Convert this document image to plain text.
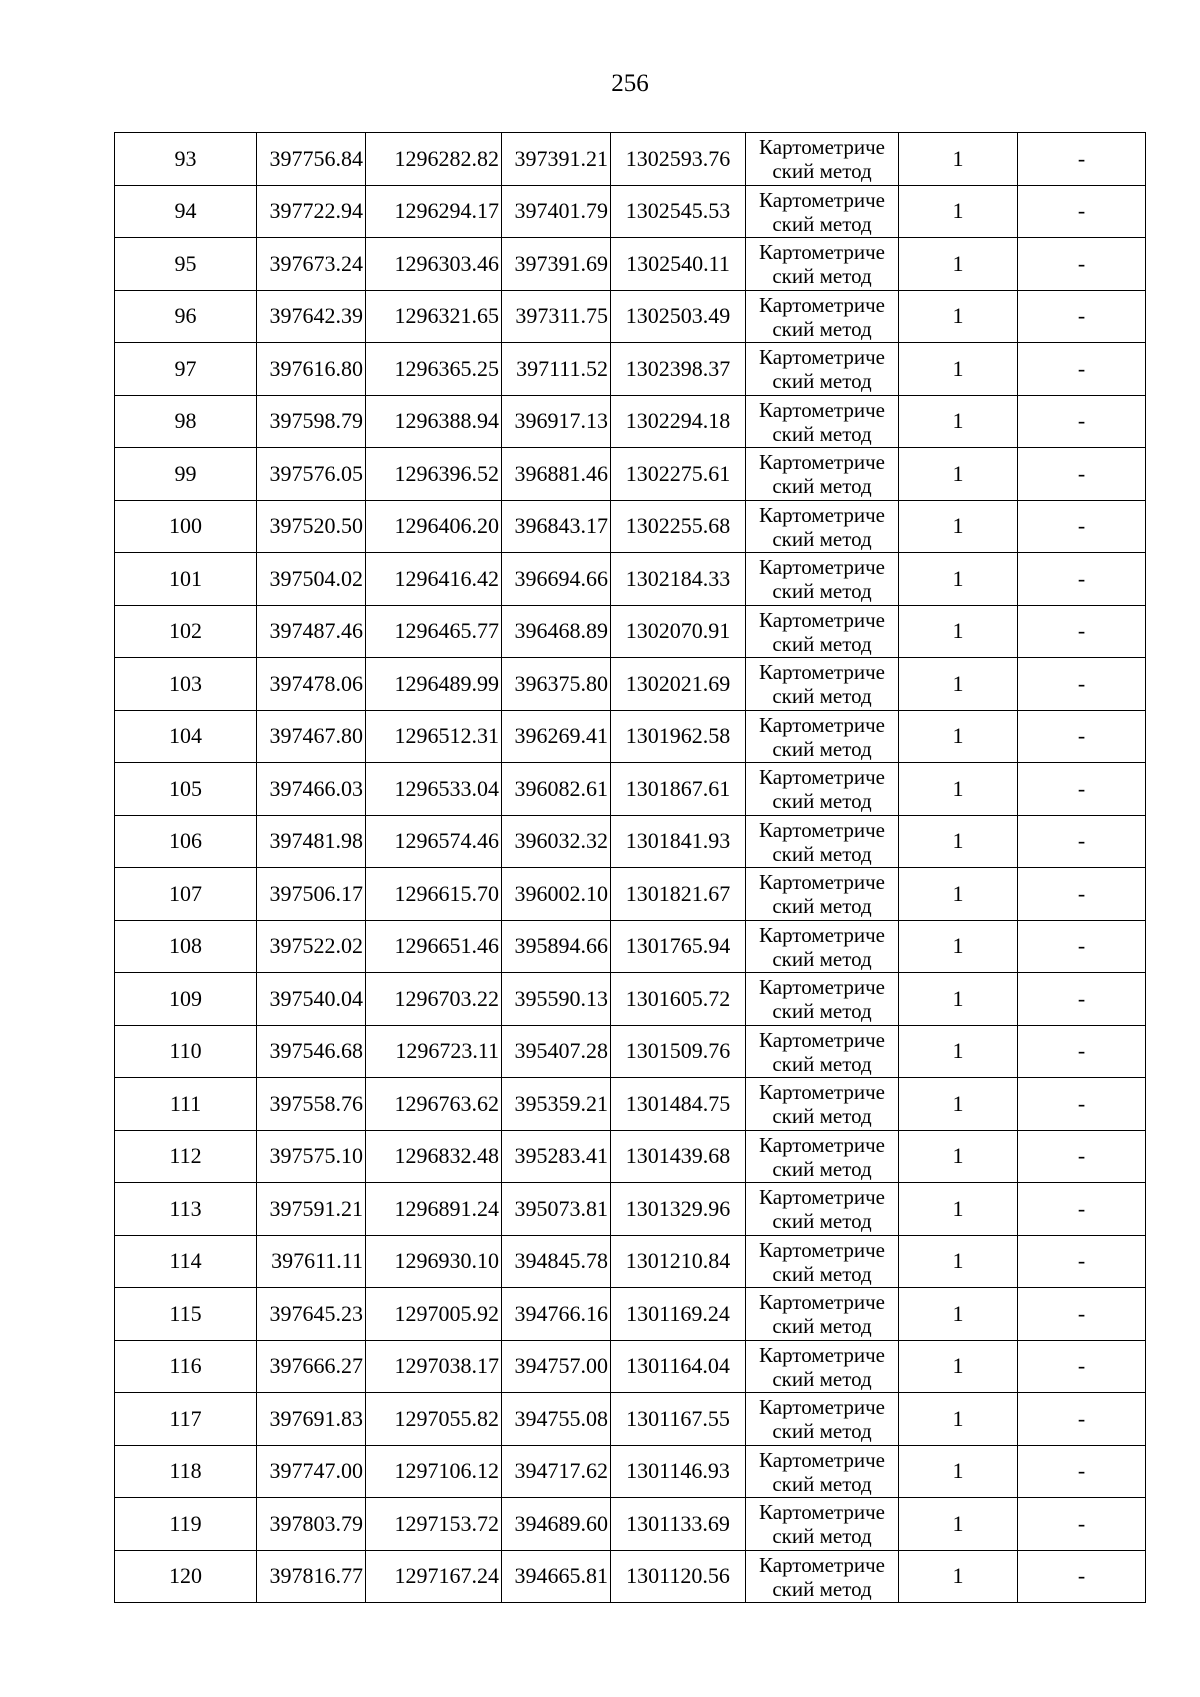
256
93	397756.84	1296282.82	397391.21	1302593.76	Картометриче
ский метод	1	-
94	397722.94	1296294.17	397401.79	1302545.53	Картометриче
ский метод	1	-
95	397673.24	1296303.46	397391.69	1302540.11	Картометриче
ский метод	1	-
96	397642.39	1296321.65	397311.75	1302503.49	Картометриче
ский метод	1	-
97	397616.80	1296365.25	397111.52	1302398.37	Картометриче
ский метод	1	-
98	397598.79	1296388.94	396917.13	1302294.18	Картометриче
ский метод	1	-
99	397576.05	1296396.52	396881.46	1302275.61	Картометриче
ский метод	1	-
100	397520.50	1296406.20	396843.17	1302255.68	Картометриче
ский метод	1	-
101	397504.02	1296416.42	396694.66	1302184.33	Картометриче
ский метод	1	-
102	397487.46	1296465.77	396468.89	1302070.91	Картометриче
ский метод	1	-
103	397478.06	1296489.99	396375.80	1302021.69	Картометриче
ский метод	1	-
104	397467.80	1296512.31	396269.41	1301962.58	Картометриче
ский метод	1	-
105	397466.03	1296533.04	396082.61	1301867.61	Картометриче
ский метод	1	-
106	397481.98	1296574.46	396032.32	1301841.93	Картометриче
ский метод	1	-
107	397506.17	1296615.70	396002.10	1301821.67	Картометриче
ский метод	1	-
108	397522.02	1296651.46	395894.66	1301765.94	Картометриче
ский метод	1	-
109	397540.04	1296703.22	395590.13	1301605.72	Картометриче
ский метод	1	-
110	397546.68	1296723.11	395407.28	1301509.76	Картометриче
ский метод	1	-
111	397558.76	1296763.62	395359.21	1301484.75	Картометриче
ский метод	1	-
112	397575.10	1296832.48	395283.41	1301439.68	Картометриче
ский метод	1	-
113	397591.21	1296891.24	395073.81	1301329.96	Картометриче
ский метод	1	-
114	397611.11	1296930.10	394845.78	1301210.84	Картометриче
ский метод	1	-
115	397645.23	1297005.92	394766.16	1301169.24	Картометриче
ский метод	1	-
116	397666.27	1297038.17	394757.00	1301164.04	Картометриче
ский метод	1	-
117	397691.83	1297055.82	394755.08	1301167.55	Картометриче
ский метод	1	-
118	397747.00	1297106.12	394717.62	1301146.93	Картометриче
ский метод	1	-
119	397803.79	1297153.72	394689.60	1301133.69	Картометриче
ский метод	1	-
120	397816.77	1297167.24	394665.81	1301120.56	Картометриче
ский метод	1	-
